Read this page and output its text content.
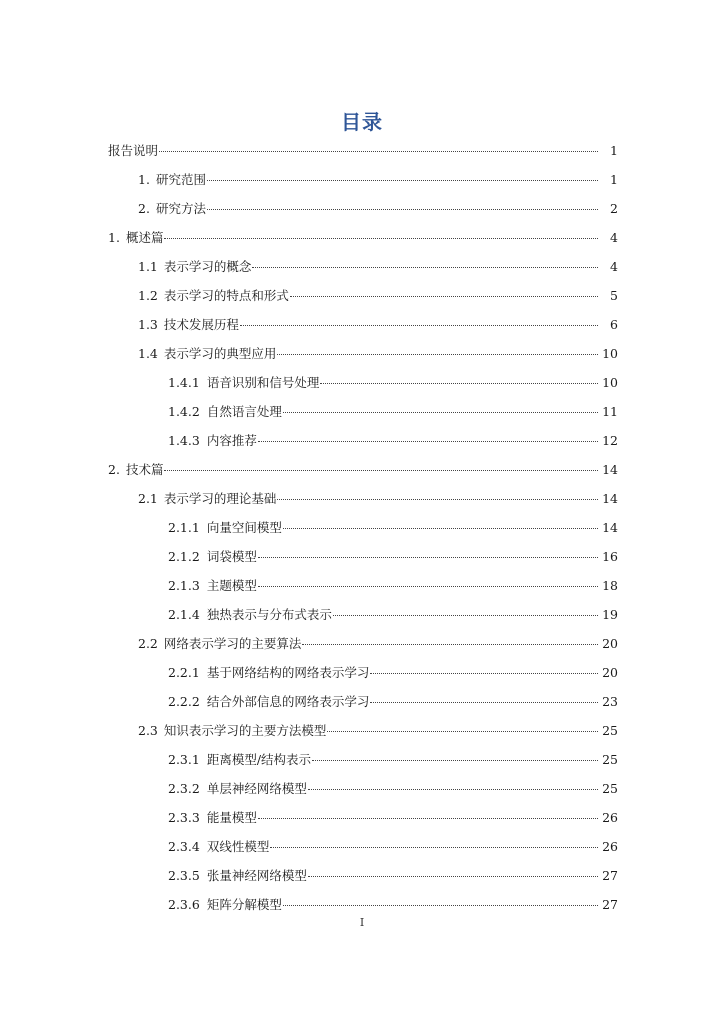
目录
报告说明	1
1. 研究范围	1
2. 研究方法	2
1. 概述篇	4
1.1 表示学习的概念	4
1.2 表示学习的特点和形式	5
1.3 技术发展历程	6
1.4 表示学习的典型应用	10
1.4.1 语音识别和信号处理	10
1.4.2 自然语言处理	11
1.4.3 内容推荐	12
2. 技术篇	14
2.1 表示学习的理论基础	14
2.1.1 向量空间模型	14
2.1.2 词袋模型	16
2.1.3 主题模型	18
2.1.4 独热表示与分布式表示	19
2.2 网络表示学习的主要算法	20
2.2.1 基于网络结构的网络表示学习	20
2.2.2 结合外部信息的网络表示学习	23
2.3 知识表示学习的主要方法模型	25
2.3.1 距离模型/结构表示	25
2.3.2 单层神经网络模型	25
2.3.3 能量模型	26
2.3.4 双线性模型	26
2.3.5 张量神经网络模型	27
2.3.6 矩阵分解模型	27
I
